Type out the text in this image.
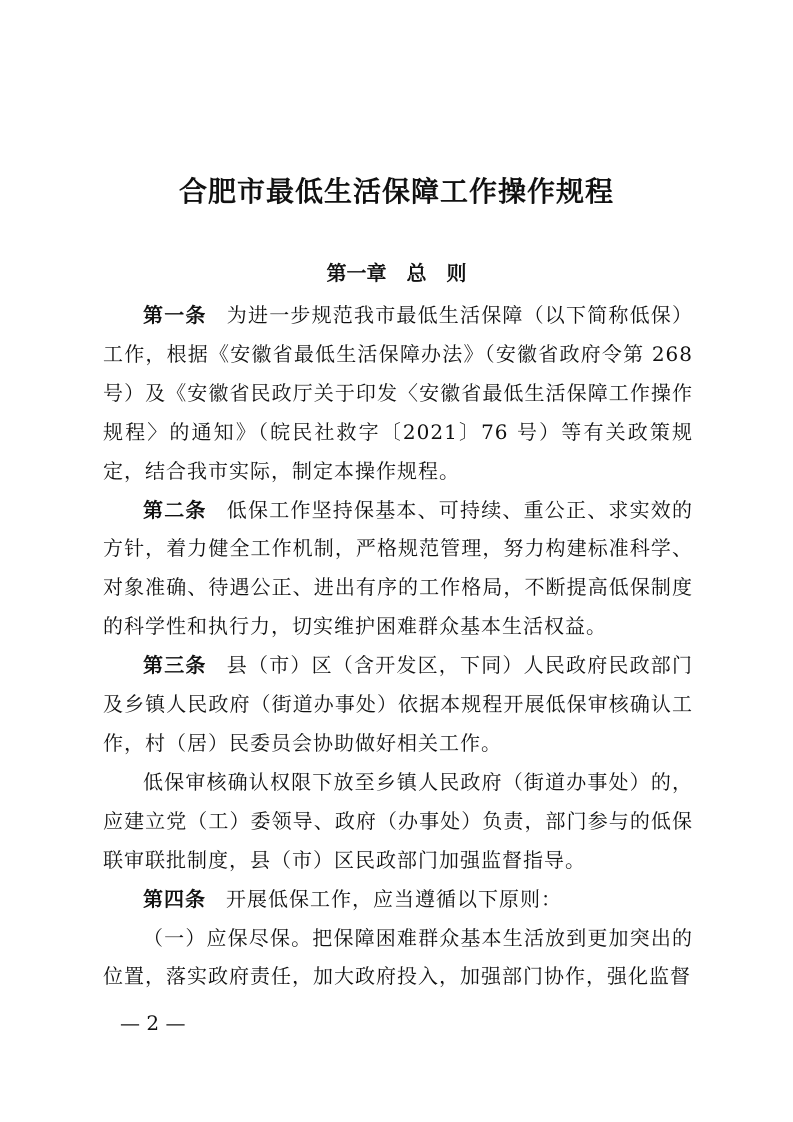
合肥市最低生活保障工作操作规程
第一章　总　则

第一条 为进一步规范我市最低生活保障（以下简称低保）工作，根据《安徽省最低生活保障办法》（安徽省政府令第 268 号）及《安徽省民政厅关于印发〈安徽省最低生活保障工作操作规程〉的通知》（皖民社救字〔2021〕76 号）等有关政策规定，结合我市实际，制定本操作规程。

第二条 低保工作坚持保基本、可持续、重公正、求实效的方针，着力健全工作机制，严格规范管理，努力构建标准科学、对象准确、待遇公正、进出有序的工作格局，不断提高低保制度的科学性和执行力，切实维护困难群众基本生活权益。

第三条 县（市）区（含开发区，下同）人民政府民政部门及乡镇人民政府（街道办事处）依据本规程开展低保审核确认工作，村（居）民委员会协助做好相关工作。

低保审核确认权限下放至乡镇人民政府（街道办事处）的，应建立党（工）委领导、政府（办事处）负责，部门参与的低保联审联批制度，县（市）区民政部门加强监督指导。

第四条 开展低保工作，应当遵循以下原则：

（一）应保尽保。把保障困难群众基本生活放到更加突出的位置，落实政府责任，加大政府投入，加强部门协作，强化监督

— 2 —
